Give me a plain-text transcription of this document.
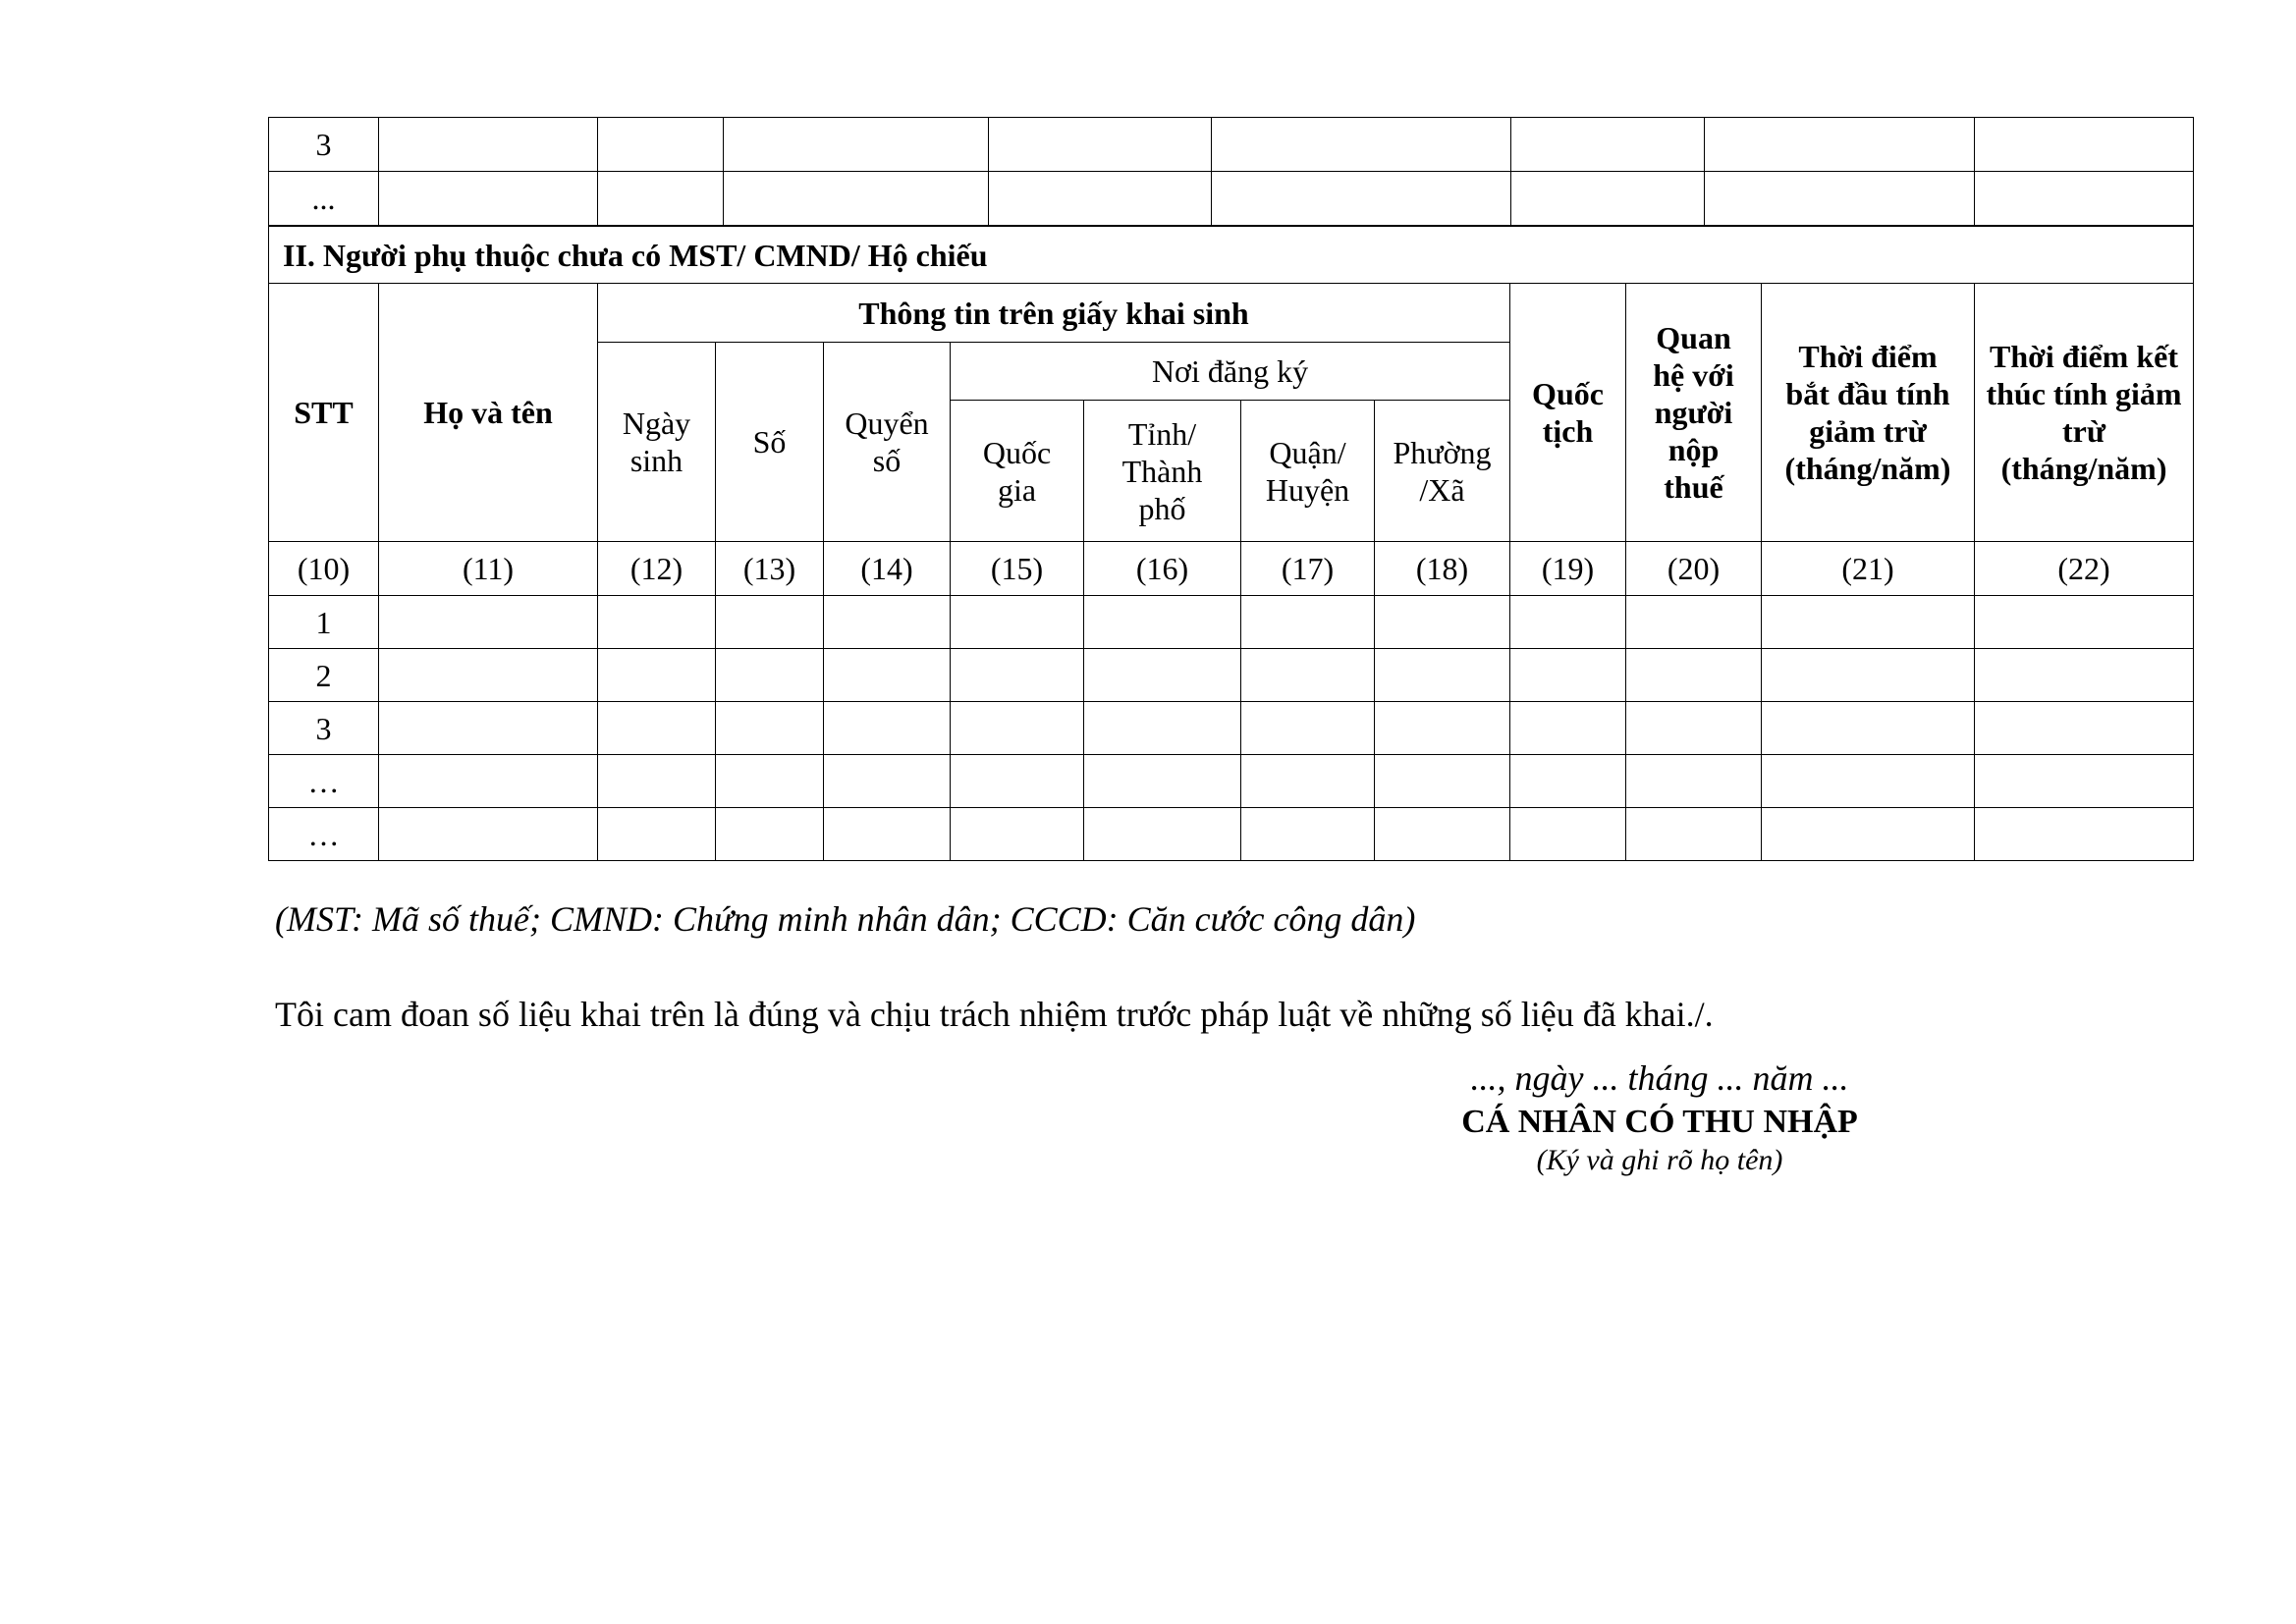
3								
...								
II. Người phụ thuộc chưa có MST/ CMND/ Hộ chiếu												
STT	Họ và tên	Thông tin trên giấy khai sinh							Quốc tịch	Quan hệ với người nộp thuế	Thời điểm bắt đầu tính giảm trừ (tháng/năm)	Thời điểm kết thúc tính giảm trừ (tháng/năm)
		Ngày sinh	Số	Quyển số	Nơi đăng ký							
					Quốc gia	Tỉnh/ Thành phố	Quận/ Huyện	Phường /Xã				
(10)	(11)	(12)	(13)	(14)	(15)	(16)	(17)	(18)	(19)	(20)	(21)	(22)
1												
2												
3												
…												
…												
(MST: Mã số thuế; CMND: Chứng minh nhân dân; CCCD: Căn cước công dân)
Tôi cam đoan số liệu khai trên là đúng và chịu trách nhiệm trước pháp luật về những số liệu đã khai./.
..., ngày ... tháng ... năm ...
CÁ NHÂN CÓ THU NHẬP
(Ký và ghi rõ họ tên)
